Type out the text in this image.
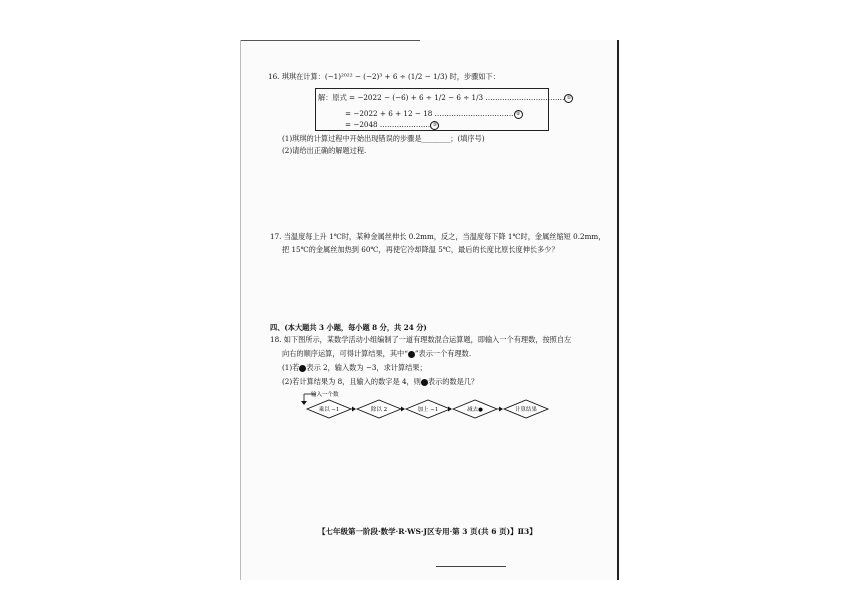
16. 琪琪在计算：(−1)²⁰²² − (−2)³ + 6 ÷ (1/2 − 1/3) 时，步骤如下：
解：原式 = −2022 − (−6) + 6 ÷ 1/2 − 6 ÷ 1/3 …………………………… ①
= −2022 + 6 + 12 − 18 …………………………… ②
= −2048 ………………… ③
(1)琪琪的计算过程中开始出现错误的步骤是________；(填序号)
(2)请给出正确的解题过程.
17. 当温度每上升 1℃时，某种金属丝伸长 0.2mm，反之，当温度每下降 1℃时，金属丝缩短 0.2mm，
把 15℃的金属丝加热到 60℃，再使它冷却降温 5℃，最后的长度比原长度伸长多少？
四、(本大题共 3 小题，每小题 8 分，共 24 分)
18. 如下图所示，某数学活动小组编制了一道有理数混合运算题，即输入一个有理数，按照自左
向右的顺序运算，可得计算结果，其中“ ”表示一个有理数.
(1)若 表示 2，输入数为 −3，求计算结果；
(2)若计算结果为 8，且输入的数字是 4，则 表示的数是几？
输入一个数
乘以 −1	除以 2	加上 −1	减去●	计算结果
【七年级第一阶段·数学·R·WS·J区专用·第 3 页(共 6 页)】Ⅱ3】
